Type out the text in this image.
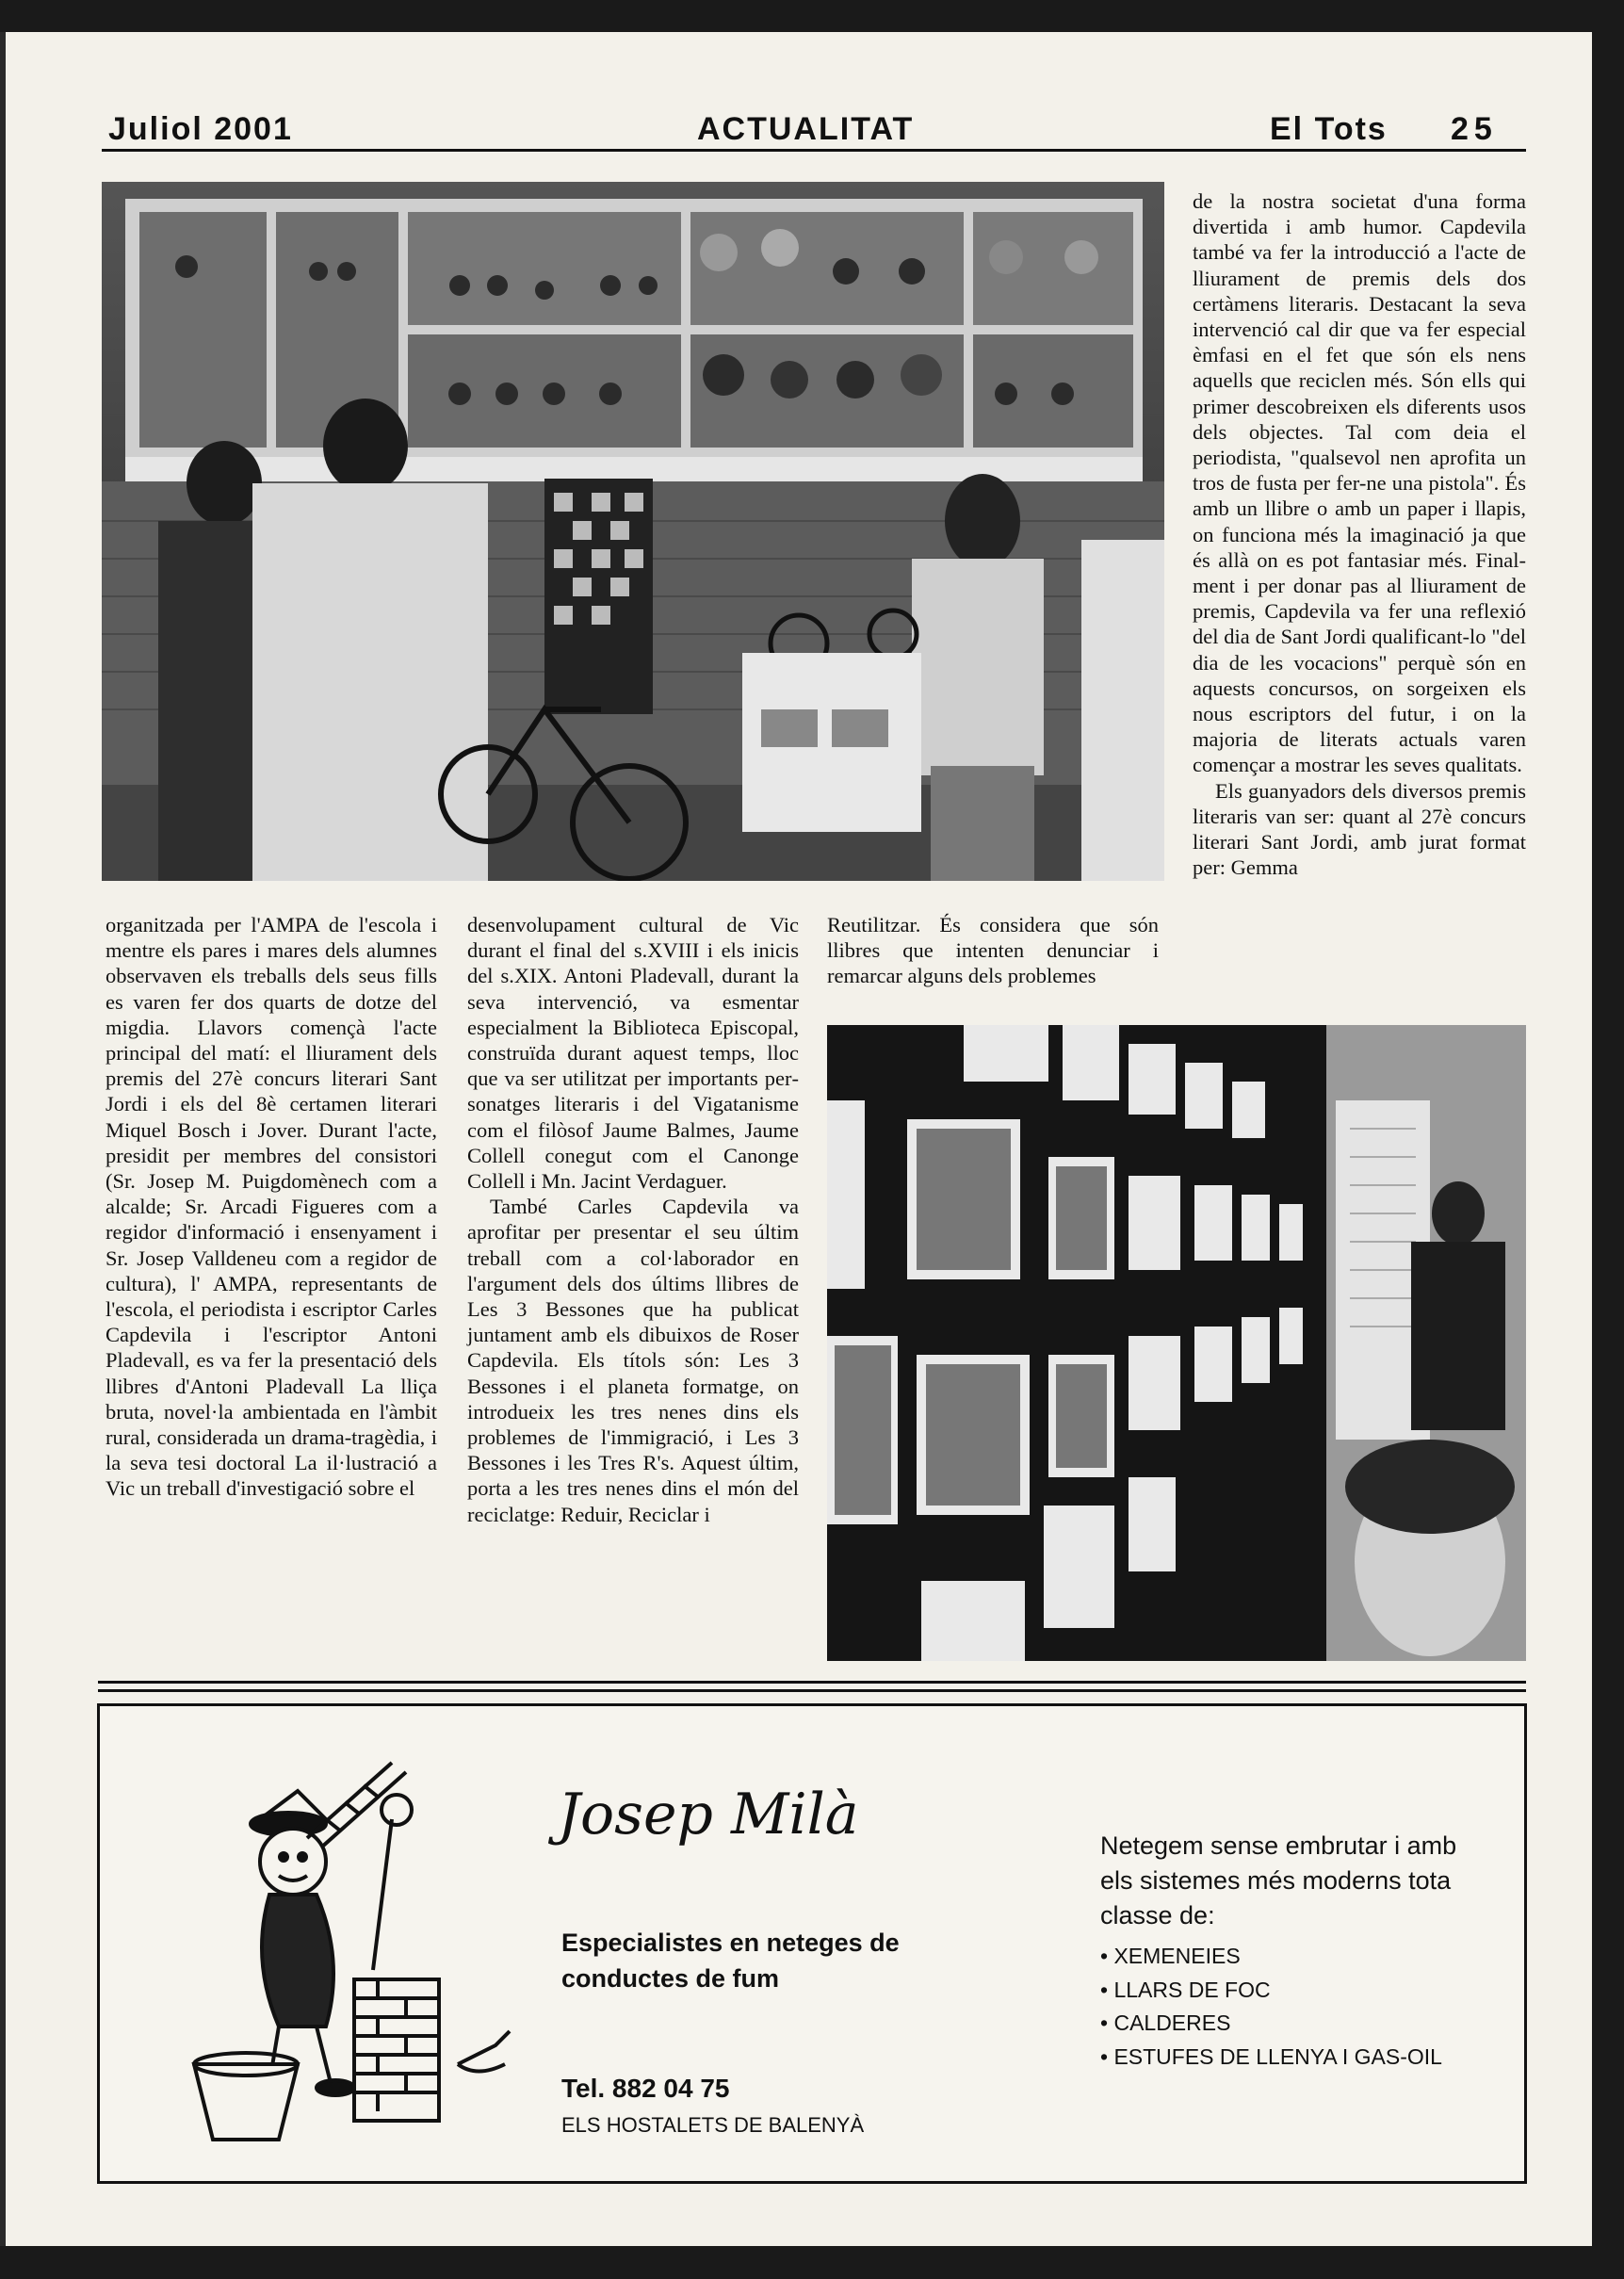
Juliol 2001	ACTUALITAT	El Tots 25

de la nostra societat d'una forma divertida i amb humor. Capdevila també va fer la introducció a l'acte de lliurament de premis dels dos certàmens literaris. Destacant la seva intervenció cal dir que va fer especial èmfasi en el fet que són els nens aquells que reciclen més. Són ells qui primer descobreixen els diferents usos dels objectes. Tal com deia el periodista, "qualsevol nen aprofita un tros de fusta per fer-ne una pistola". És amb un llibre o amb un paper i llapis, on funciona més la imaginació ja que és allà on es pot fantasiar més. Finalment i per donar pas al lliurament de premis, Capdevila va fer una reflexió del dia de Sant Jordi qualificant-lo "del dia de les vocacions" perquè són en aquests concursos, on sorgeixen els nous escriptors del futur, i on la majoria de literats actuals varen començar a mostrar les seves qualitats.

Els guanyadors dels diversos premis literaris van ser: quant al 27è concurs literari Sant Jordi, amb jurat format per: Gemma

organitzada per l'AMPA de l'escola i mentre els pares i mares dels alumnes observaven els treballs dels seus fills es varen fer dos quarts de dotze del migdia. Llavors començà l'acte principal del matí: el lliurament dels premis del 27è concurs literari Sant Jordi i els del 8è certamen literari Miquel Bosch i Jover. Durant l'acte, presidit per membres del consistori (Sr. Josep M. Puigdomènech com a alcalde; Sr. Arcadi Figueres com a regidor d'informació i ensenyament i Sr. Josep Valldeneu com a regidor de cultura), l' AMPA, representants de l'escola, el periodista i escriptor Carles Capdevila i l'escriptor Antoni Pladevall, es va fer la presentació dels llibres d'Antoni Pladevall La lliça bruta, novel·la ambientada en l'àmbit rural, considerada un drama-tragèdia, i la seva tesi doctoral La il·lustració a Vic un treball d'investigació sobre el

desenvolupament cultural de Vic durant el final del s.XVIII i els inicis del s.XIX. Antoni Pladevall, durant la seva intervenció, va esmentar especialment la Biblioteca Episcopal, construïda durant aquest temps, lloc que va ser utilitzat per importants personatges literaris i del Vigatanisme com el filòsof Jaume Balmes, Jaume Collell conegut com el Canonge Collell i Mn. Jacint Verdaguer.

També Carles Capdevila va aprofitar per presentar el seu últim treball com a col·laborador en l'argument dels dos últims llibres de Les 3 Bessones que ha publicat juntament amb els dibuixos de Roser Capdevila. Els títols són: Les 3 Bessones i el planeta formatge, on introdueix les tres nenes dins els problemes de l'immigració, i Les 3 Bessones i les Tres R's. Aquest últim, porta a les tres nenes dins el món del reciclatge: Reduir, Reciclar i

Reutilitzar. És considera que són llibres que intenten denunciar i remarcar alguns dels problemes

Josep Milà
Especialistes en neteges de conductes de fum
Tel. 882 04 75
ELS HOSTALETS DE BALENYÀ
Netegem sense embrutar i amb els sistemes més moderns tota classe de:
• XEMENEIES
• LLARS DE FOC
• CALDERES
• ESTUFES DE LLENYA I GAS-OIL
